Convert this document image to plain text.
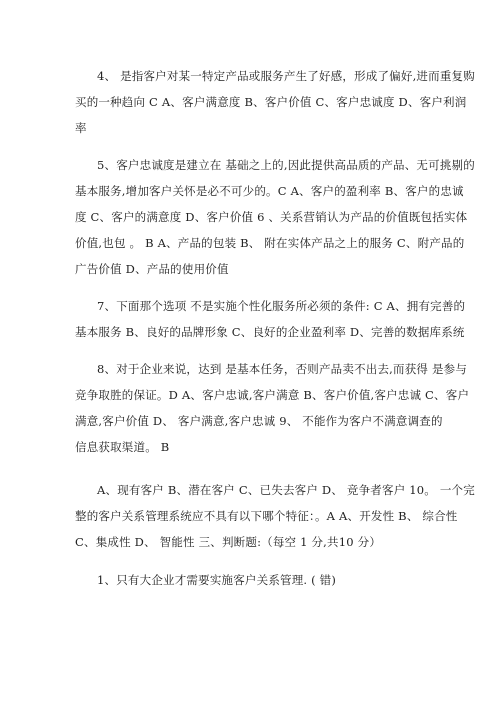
4、 是指客户对某一特定产品或服务产生了好感，形成了偏好,进而重复购
买的一种趋向 C A、客户满意度 B、客户价值 C、客户忠诚度 D、客户利润
率
5、客户忠诚度是建立在 基础之上的,因此提供高品质的产品、无可挑剔的
基本服务,增加客户关怀是必不可少的。C A、客户的盈利率 B、客户的忠诚
度 C、客户的满意度 D、客户价值 6 、关系营销认为产品的价值既包括实体
价值,也包 。 B A、产品的包装 B、 附在实体产品之上的服务 C、附产品的
广告价值 D、产品的使用价值
7、下面那个选项 不是实施个性化服务所必须的条件: C A、拥有完善的
基本服务 B、良好的品牌形象 C、良好的企业盈利率 D、完善的数据库系统
8、对于企业来说，达到 是基本任务，否则产品卖不出去,而获得 是参与
竞争取胜的保证。D A、客户忠诚,客户满意 B、客户价值,客户忠诚 C、客户
满意,客户价值 D、 客户满意,客户忠诚 9、 不能作为客户不满意调查的
信息获取渠道。 B
A、现有客户 B、潜在客户 C、已失去客户 D、 竞争者客户 10。 一个完
整的客户关系管理系统应不具有以下哪个特征：。A A、开发性 B、 综合性
C、集成性 D、 智能性 三、判断题:（每空 1 分,共10 分）
1、只有大企业才需要实施客户关系管理. ( 错)
